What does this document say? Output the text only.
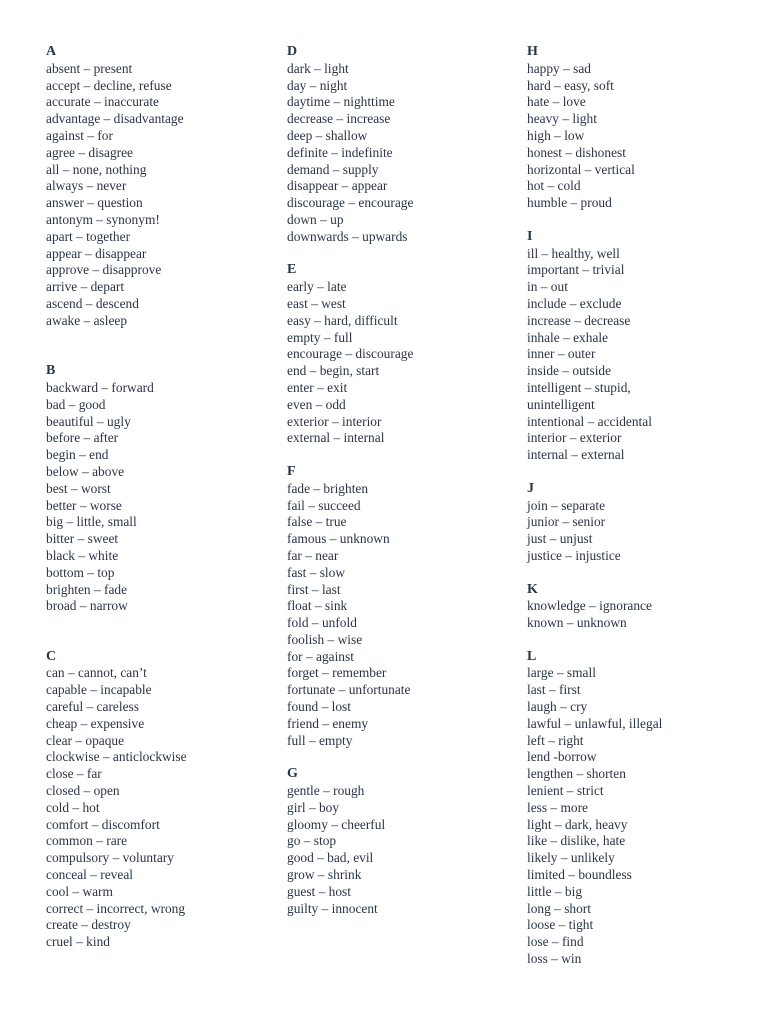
A
absent – present
accept – decline, refuse
accurate – inaccurate
advantage – disadvantage
against – for
agree – disagree
all – none, nothing
always – never
answer – question
antonym – synonym!
apart – together
appear – disappear
approve – disapprove
arrive – depart
ascend – descend
awake – asleep
B
backward – forward
bad – good
beautiful – ugly
before – after
begin – end
below – above
best – worst
better – worse
big – little, small
bitter – sweet
black – white
bottom – top
brighten – fade
broad – narrow
C
can – cannot, can’t
capable – incapable
careful – careless
cheap – expensive
clear – opaque
clockwise – anticlockwise
close – far
closed – open
cold – hot
comfort – discomfort
common – rare
compulsory – voluntary
conceal – reveal
cool – warm
correct – incorrect, wrong
create – destroy
cruel – kind
D
dark – light
day – night
daytime – nighttime
decrease – increase
deep – shallow
definite – indefinite
demand – supply
disappear – appear
discourage – encourage
down – up
downwards – upwards
E
early – late
east – west
easy – hard, difficult
empty – full
encourage – discourage
end – begin, start
enter – exit
even – odd
exterior – interior
external – internal
F
fade – brighten
fail – succeed
false – true
famous – unknown
far – near
fast – slow
first – last
float – sink
fold – unfold
foolish – wise
for – against
forget – remember
fortunate – unfortunate
found – lost
friend – enemy
full – empty
G
gentle – rough
girl – boy
gloomy – cheerful
go – stop
good – bad, evil
grow – shrink
guest – host
guilty – innocent
H
happy – sad
hard – easy, soft
hate – love
heavy – light
high – low
honest – dishonest
horizontal – vertical
hot – cold
humble – proud
I
ill – healthy, well
important – trivial
in – out
include – exclude
increase – decrease
inhale – exhale
inner – outer
inside – outside
intelligent – stupid, unintelligent
intentional – accidental
interior – exterior
internal – external
J
join – separate
junior – senior
just – unjust
justice – injustice
K
knowledge – ignorance
known – unknown
L
large – small
last – first
laugh – cry
lawful – unlawful, illegal
left – right
lend -borrow
lengthen – shorten
lenient – strict
less – more
light – dark, heavy
like – dislike, hate
likely – unlikely
limited – boundless
little – big
long – short
loose – tight
lose – find
loss – win
